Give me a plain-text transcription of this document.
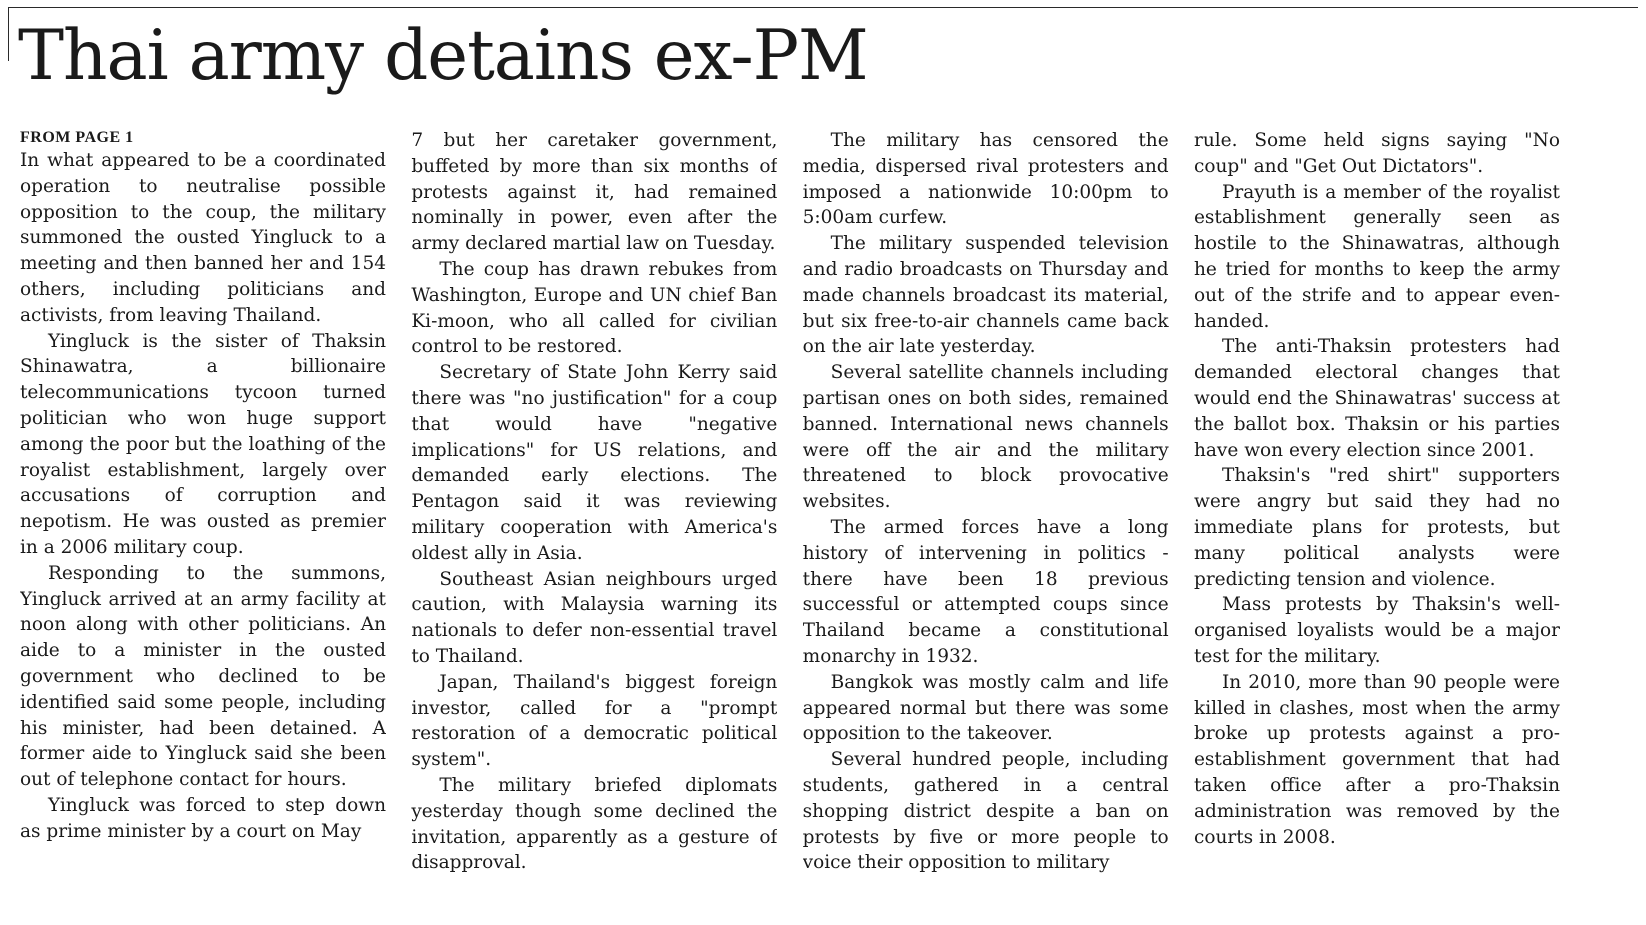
Thai army detains ex-PM
FROM PAGE 1

In what appeared to be a coordinated operation to neutralise possible opposition to the coup, the military summoned the ousted Yingluck to a meeting and then banned her and 154 others, including politicians and activists, from leaving Thailand.

Yingluck is the sister of Thaksin Shinawatra, a billionaire telecommunications tycoon turned politician who won huge support among the poor but the loathing of the royalist establishment, largely over accusations of corruption and nepotism. He was ousted as premier in a 2006 military coup.

Responding to the summons, Yingluck arrived at an army facility at noon along with other politicians. An aide to a minister in the ousted government who declined to be identified said some people, including his minister, had been detained. A former aide to Yingluck said she been out of telephone contact for hours.

Yingluck was forced to step down as prime minister by a court on May

7 but her caretaker government, buffeted by more than six months of protests against it, had remained nominally in power, even after the army declared martial law on Tuesday.

The coup has drawn rebukes from Washington, Europe and UN chief Ban Ki-moon, who all called for civilian control to be restored.

Secretary of State John Kerry said there was "no justification" for a coup that would have "negative implications" for US relations, and demanded early elections. The Pentagon said it was reviewing military cooperation with America's oldest ally in Asia.

Southeast Asian neighbours urged caution, with Malaysia warning its nationals to defer non-essential travel to Thailand.

Japan, Thailand's biggest foreign investor, called for a "prompt restoration of a democratic political system".

The military briefed diplomats yesterday though some declined the invitation, apparently as a gesture of disapproval.

The military has censored the media, dispersed rival protesters and imposed a nationwide 10:00pm to 5:00am curfew.

The military suspended television and radio broadcasts on Thursday and made channels broadcast its material, but six free-to-air channels came back on the air late yesterday.

Several satellite channels including partisan ones on both sides, remained banned. International news channels were off the air and the military threatened to block provocative websites.

The armed forces have a long history of intervening in politics - there have been 18 previous successful or attempted coups since Thailand became a constitutional monarchy in 1932.

Bangkok was mostly calm and life appeared normal but there was some opposition to the takeover.

Several hundred people, including students, gathered in a central shopping district despite a ban on protests by five or more people to voice their opposition to military

rule. Some held signs saying "No coup" and "Get Out Dictators".

Prayuth is a member of the royalist establishment generally seen as hostile to the Shinawatras, although he tried for months to keep the army out of the strife and to appear even-handed.

The anti-Thaksin protesters had demanded electoral changes that would end the Shinawatras' success at the ballot box. Thaksin or his parties have won every election since 2001.

Thaksin's "red shirt" supporters were angry but said they had no immediate plans for protests, but many political analysts were predicting tension and violence.

Mass protests by Thaksin's well-organised loyalists would be a major test for the military.

In 2010, more than 90 people were killed in clashes, most when the army broke up protests against a pro-establishment government that had taken office after a pro-Thaksin administration was removed by the courts in 2008.
